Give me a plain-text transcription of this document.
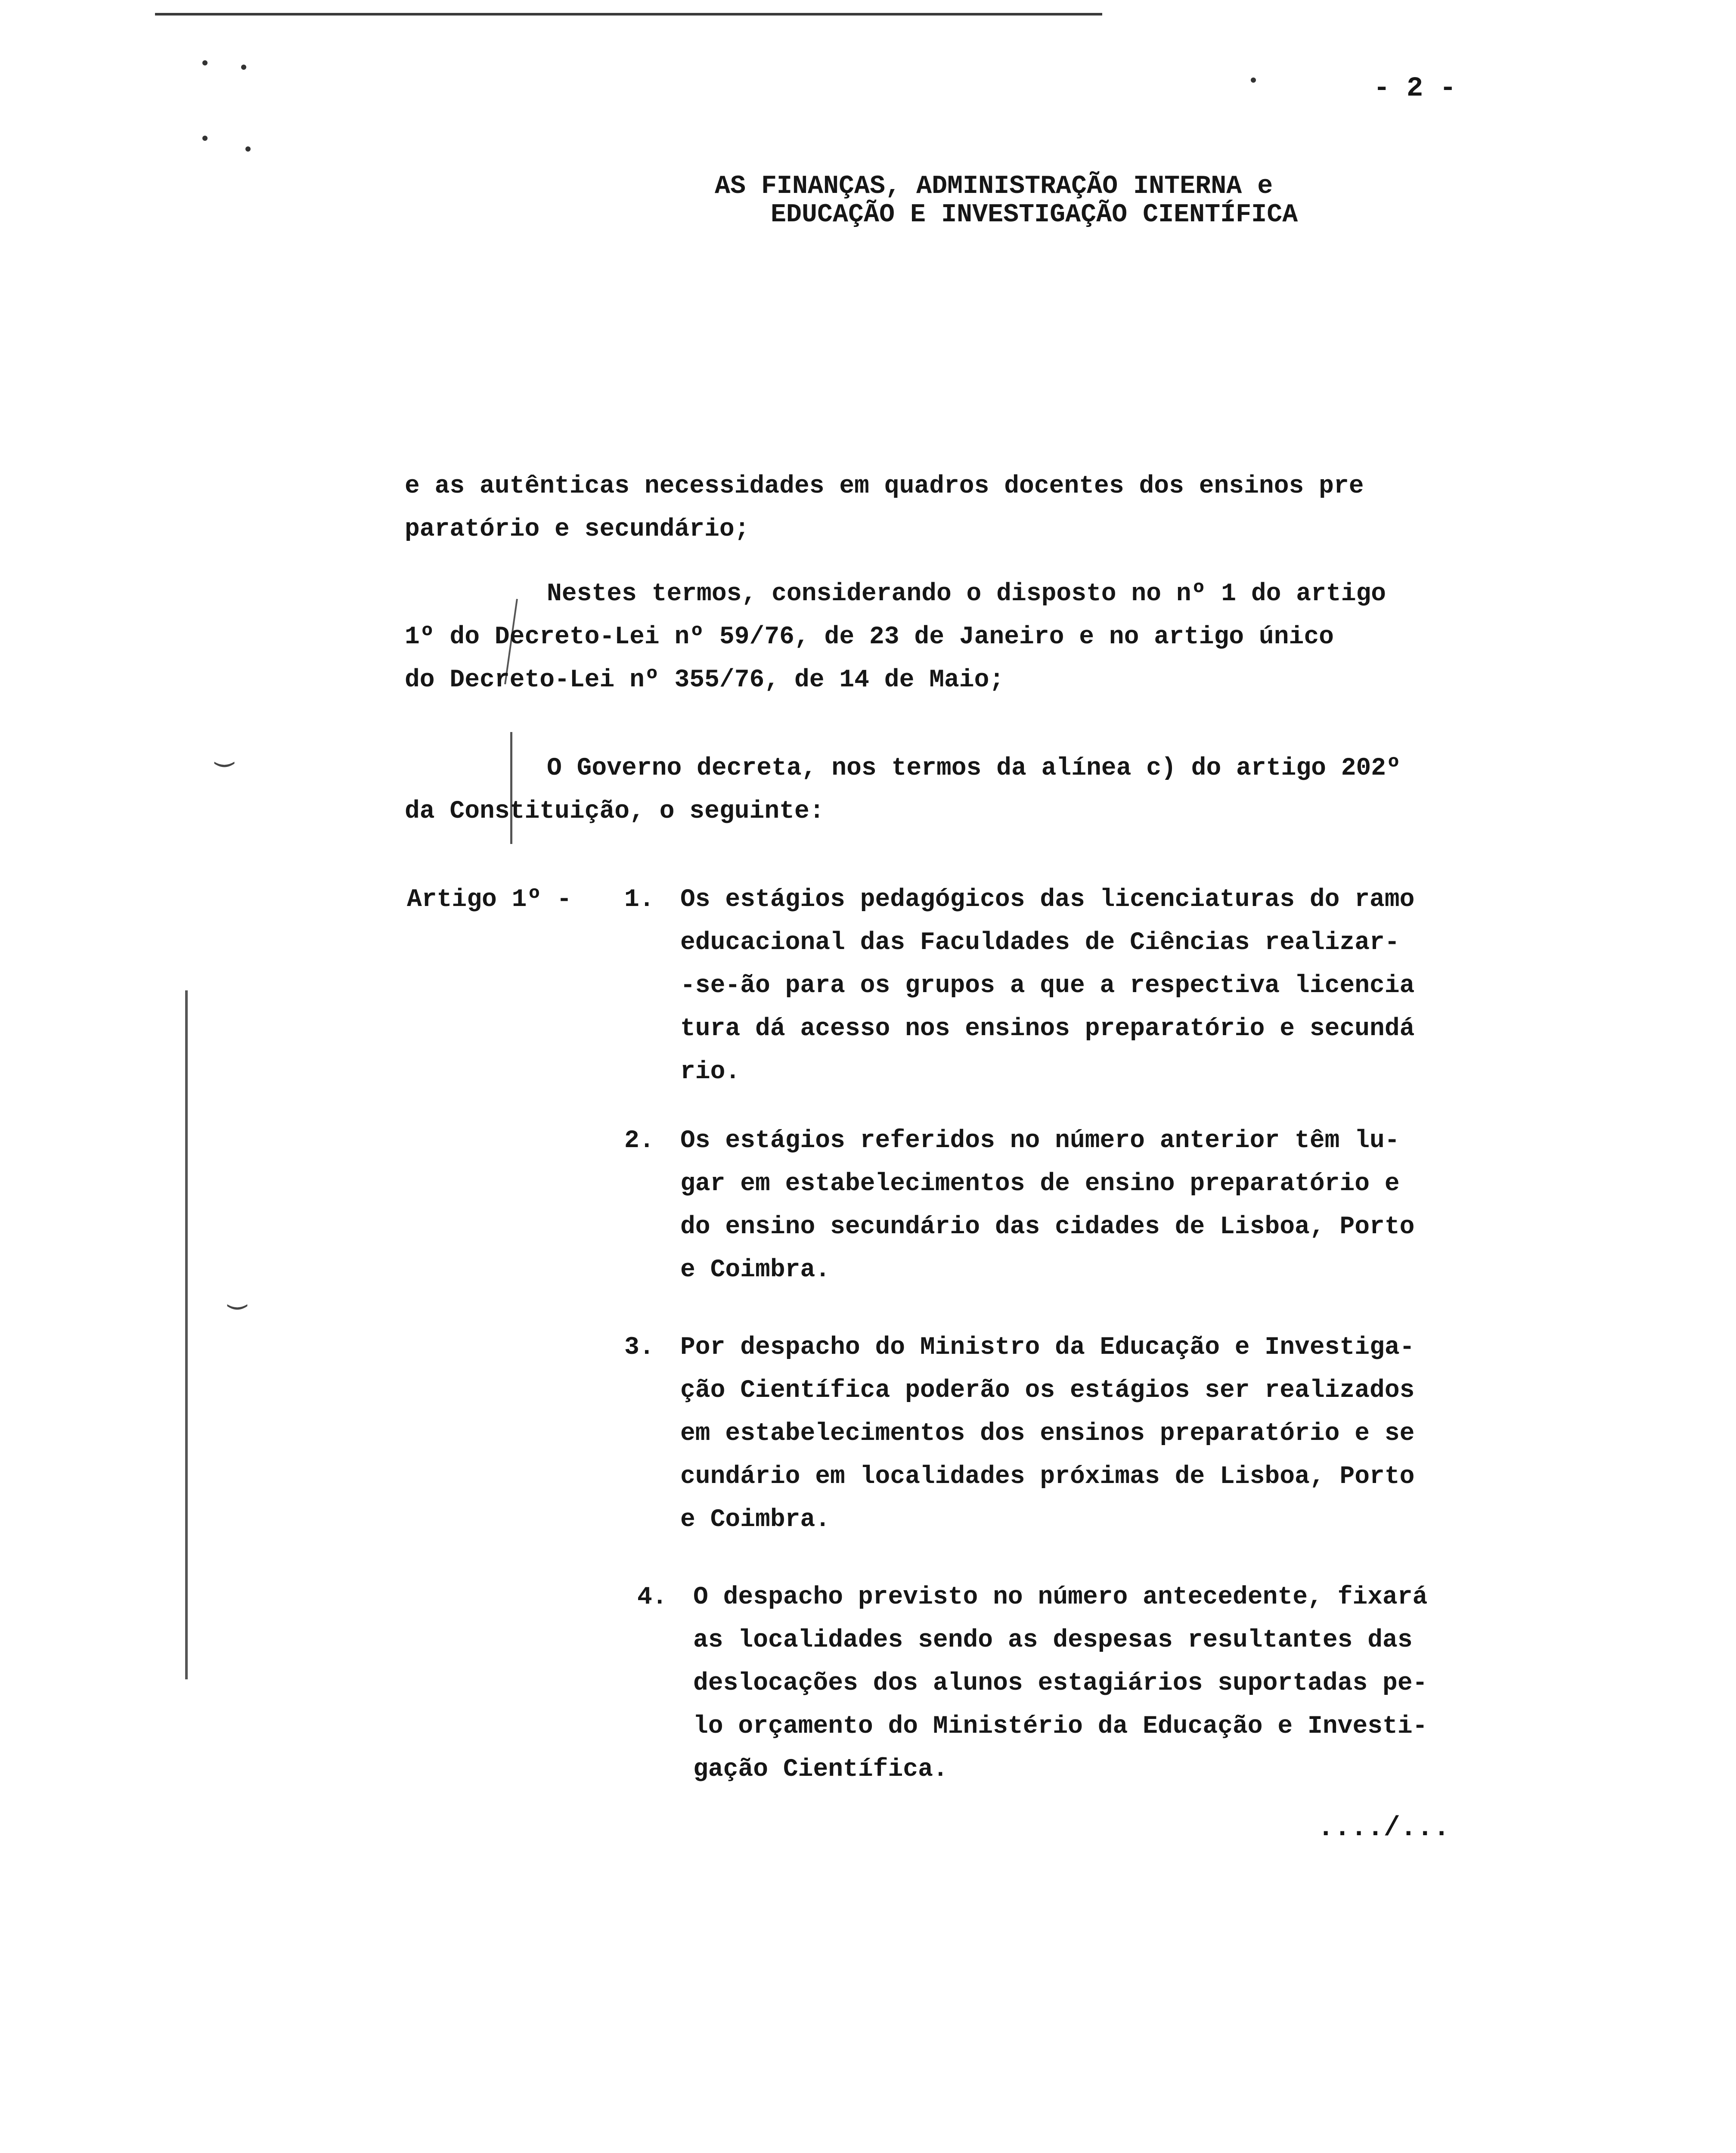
‿
‿
- 2 -
AS FINANÇAS, ADMINISTRAÇÃO INTERNA e
EDUCAÇÃO E INVESTIGAÇÃO CIENTÍFICA
e as autênticas necessidades em quadros docentes dos ensinos pre
paratório e secundário;
Nestes termos, considerando o disposto no nº 1 do artigo
1º do Decreto-Lei nº 59/76, de 23 de Janeiro e no artigo único
do Decreto-Lei nº 355/76, de 14 de Maio;
O Governo decreta, nos termos da alínea c) do artigo 202º
da Constituição, o seguinte:
Artigo 1º - 1. Os estágios pedagógicos das licenciaturas do ramo
educacional das Faculdades de Ciências realizar-
-se-ão para os grupos a que a respectiva licencia
tura dá acesso nos ensinos preparatório e secundá
rio.
2. Os estágios referidos no número anterior têm lu-
gar em estabelecimentos de ensino preparatório e
do ensino secundário das cidades de Lisboa, Porto
e Coimbra.
3. Por despacho do Ministro da Educação e Investiga-
ção Científica poderão os estágios ser realizados
em estabelecimentos dos ensinos preparatório e se
cundário em localidades próximas de Lisboa, Porto
e Coimbra.
4. O despacho previsto no número antecedente, fixará
as localidades sendo as despesas resultantes das
deslocações dos alunos estagiários suportadas pe-
lo orçamento do Ministério da Educação e Investi-
gação Científica.
..../...
